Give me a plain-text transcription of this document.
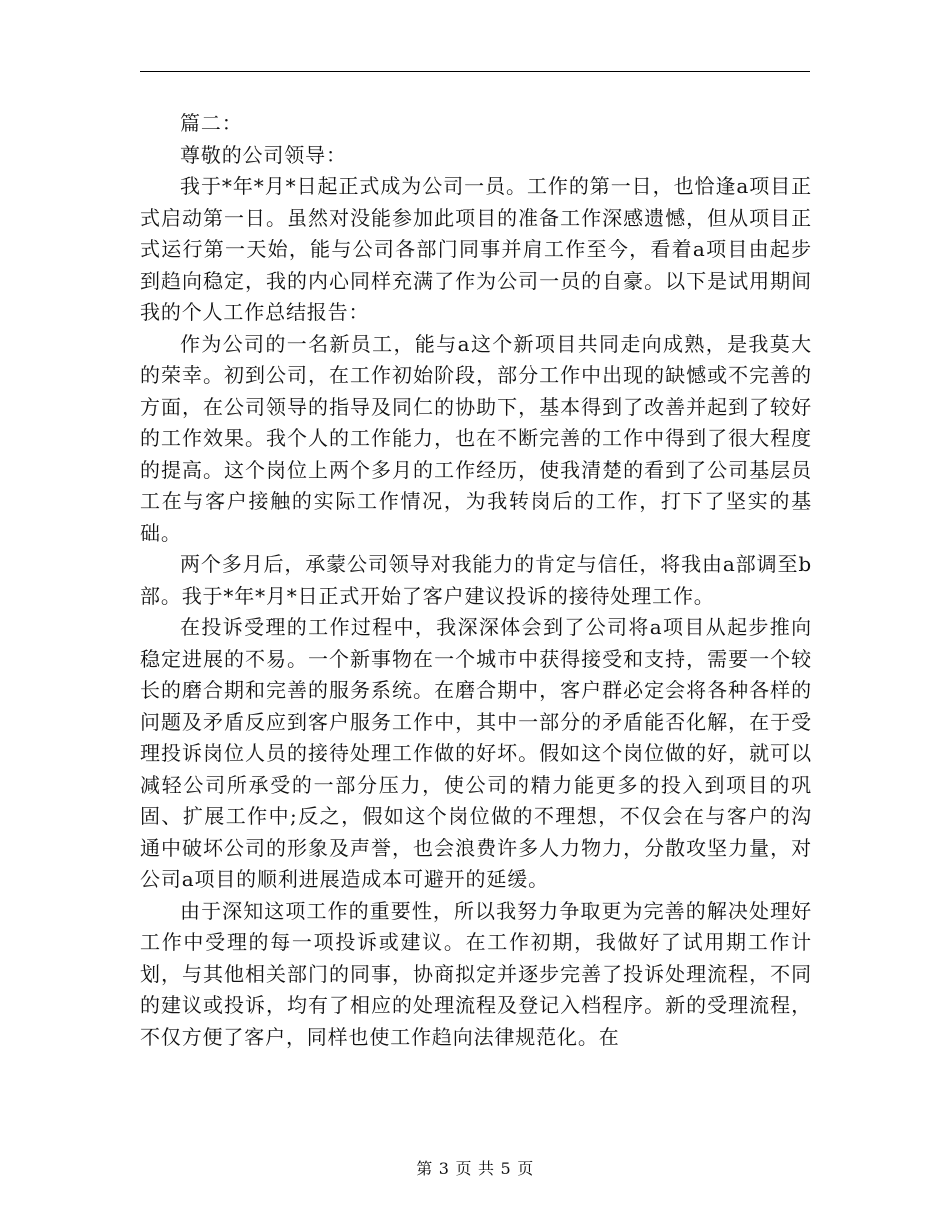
篇二：

尊敬的公司领导：

我于*年*月*日起正式成为公司一员。工作的第一日，也恰逢a项目正式启动第一日。虽然对没能参加此项目的准备工作深感遗憾，但从项目正式运行第一天始，能与公司各部门同事并肩工作至今，看着a项目由起步到趋向稳定，我的内心同样充满了作为公司一员的自豪。以下是试用期间我的个人工作总结报告：

作为公司的一名新员工，能与a这个新项目共同走向成熟，是我莫大的荣幸。初到公司，在工作初始阶段，部分工作中出现的缺憾或不完善的方面，在公司领导的指导及同仁的协助下，基本得到了改善并起到了较好的工作效果。我个人的工作能力，也在不断完善的工作中得到了很大程度的提高。这个岗位上两个多月的工作经历，使我清楚的看到了公司基层员工在与客户接触的实际工作情况，为我转岗后的工作，打下了坚实的基础。

两个多月后，承蒙公司领导对我能力的肯定与信任，将我由a部调至b部。我于*年*月*日正式开始了客户建议投诉的接待处理工作。

在投诉受理的工作过程中，我深深体会到了公司将a项目从起步推向稳定进展的不易。一个新事物在一个城市中获得接受和支持，需要一个较长的磨合期和完善的服务系统。在磨合期中，客户群必定会将各种各样的问题及矛盾反应到客户服务工作中，其中一部分的矛盾能否化解，在于受理投诉岗位人员的接待处理工作做的好坏。假如这个岗位做的好，就可以减轻公司所承受的一部分压力，使公司的精力能更多的投入到项目的巩固、扩展工作中;反之，假如这个岗位做的不理想，不仅会在与客户的沟通中破坏公司的形象及声誉，也会浪费许多人力物力，分散攻坚力量，对公司a项目的顺利进展造成本可避开的延缓。

由于深知这项工作的重要性，所以我努力争取更为完善的解决处理好工作中受理的每一项投诉或建议。在工作初期，我做好了试用期工作计划，与其他相关部门的同事，协商拟定并逐步完善了投诉处理流程，不同的建议或投诉，均有了相应的处理流程及登记入档程序。新的受理流程，不仅方便了客户，同样也使工作趋向法律规范化。在

第 3 页 共 5 页
